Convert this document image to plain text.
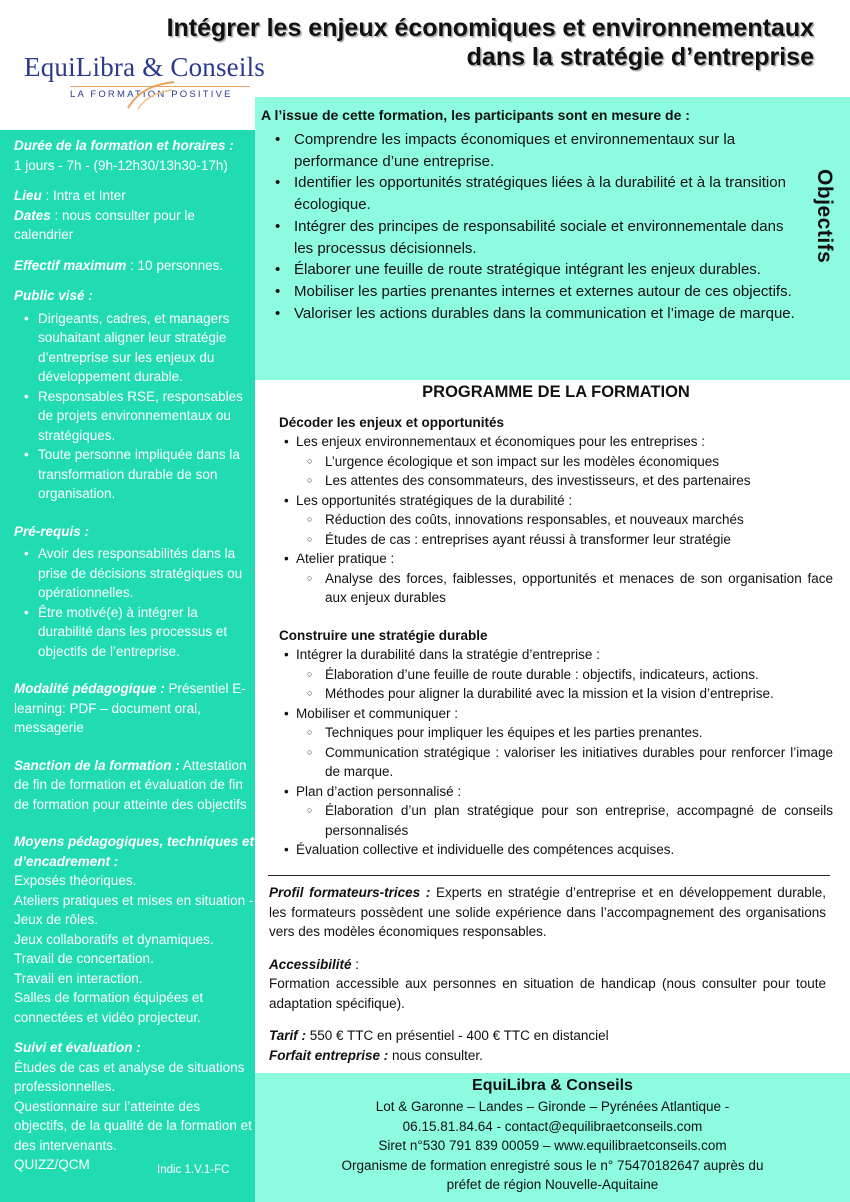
EquiLibra & Conseils
LA FORMATION POSITIVE
Intégrer les enjeux économiques et environnementaux
dans la stratégie d’entreprise
Durée de la formation et horaires :
1 jours - 7h - (9h-12h30/13h30-17h)
Lieu : Intra et Inter
Dates : nous consulter pour le calendrier
Effectif maximum : 10 personnes.
Public visé :
• Dirigeants, cadres, et managers souhaitant aligner leur stratégie d’entreprise sur les enjeux du développement durable.
• Responsables RSE, responsables de projets environnementaux ou stratégiques.
• Toute personne impliquée dans la transformation durable de son organisation.
Pré-requis :
• Avoir des responsabilités dans la prise de décisions stratégiques ou opérationnelles.
• Être motivé(e) à intégrer la durabilité dans les processus et objectifs de l’entreprise.
Modalité pédagogique : Présentiel E-learning: PDF – document oral, messagerie
Sanction de la formation : Attestation de fin de formation et évaluation de fin de formation pour atteinte des objectifs
Moyens pédagogiques, techniques et d’encadrement :
Exposés théoriques.
Ateliers pratiques et mises en situation - Jeux de rôles.
Jeux collaboratifs et dynamiques.
Travail de concertation.
Travail en interaction.
Salles de formation équipées et connectées et vidéo projecteur.
Suivi et évaluation :
Études de cas et analyse de situations professionnelles.
Questionnaire sur l’atteinte des objectifs, de la qualité de la formation et des intervenants.
QUIZZ/QCM	Indic 1.V.1-FC
A l’issue de cette formation, les participants sont en mesure de :
• Comprendre les impacts économiques et environnementaux sur la performance d’une entreprise.
• Identifier les opportunités stratégiques liées à la durabilité et à la transition écologique.
• Intégrer des principes de responsabilité sociale et environnementale dans les processus décisionnels.
• Élaborer une feuille de route stratégique intégrant les enjeux durables.
• Mobiliser les parties prenantes internes et externes autour de ces objectifs.
• Valoriser les actions durables dans la communication et l’image de marque.
Objectifs
PROGRAMME DE LA FORMATION
Décoder les enjeux et opportunités
• Les enjeux environnementaux et économiques pour les entreprises :
○ L’urgence écologique et son impact sur les modèles économiques
○ Les attentes des consommateurs, des investisseurs, et des partenaires
• Les opportunités stratégiques de la durabilité :
○ Réduction des coûts, innovations responsables, et nouveaux marchés
○ Études de cas : entreprises ayant réussi à transformer leur stratégie
• Atelier pratique :
○ Analyse des forces, faiblesses, opportunités et menaces de son organisation face aux enjeux durables
Construire une stratégie durable
• Intégrer la durabilité dans la stratégie d’entreprise :
○ Élaboration d’une feuille de route durable : objectifs, indicateurs, actions.
○ Méthodes pour aligner la durabilité avec la mission et la vision d’entreprise.
• Mobiliser et communiquer :
○ Techniques pour impliquer les équipes et les parties prenantes.
○ Communication stratégique : valoriser les initiatives durables pour renforcer l’image de marque.
• Plan d’action personnalisé :
○ Élaboration d’un plan stratégique pour son entreprise, accompagné de conseils personnalisés
• Évaluation collective et individuelle des compétences acquises.

Profil formateurs-trices : Experts en stratégie d’entreprise et en développement durable, les formateurs possèdent une solide expérience dans l’accompagnement des organisations vers des modèles économiques responsables.

Accessibilité :

Formation accessible aux personnes en situation de handicap (nous consulter pour toute adaptation spécifique).

Tarif : 550 € TTC en présentiel - 400 € TTC en distanciel

Forfait entreprise : nous consulter.

EquiLibra & Conseils
Lot & Garonne – Landes – Gironde – Pyrénées Atlantique -
06.15.81.84.64 - contact@equilibraetconseils.com
Siret n°530 791 839 00059 – www.equilibraetconseils.com
Organisme de formation enregistré sous le n° 75470182647 auprès du
préfet de région Nouvelle-Aquitaine
